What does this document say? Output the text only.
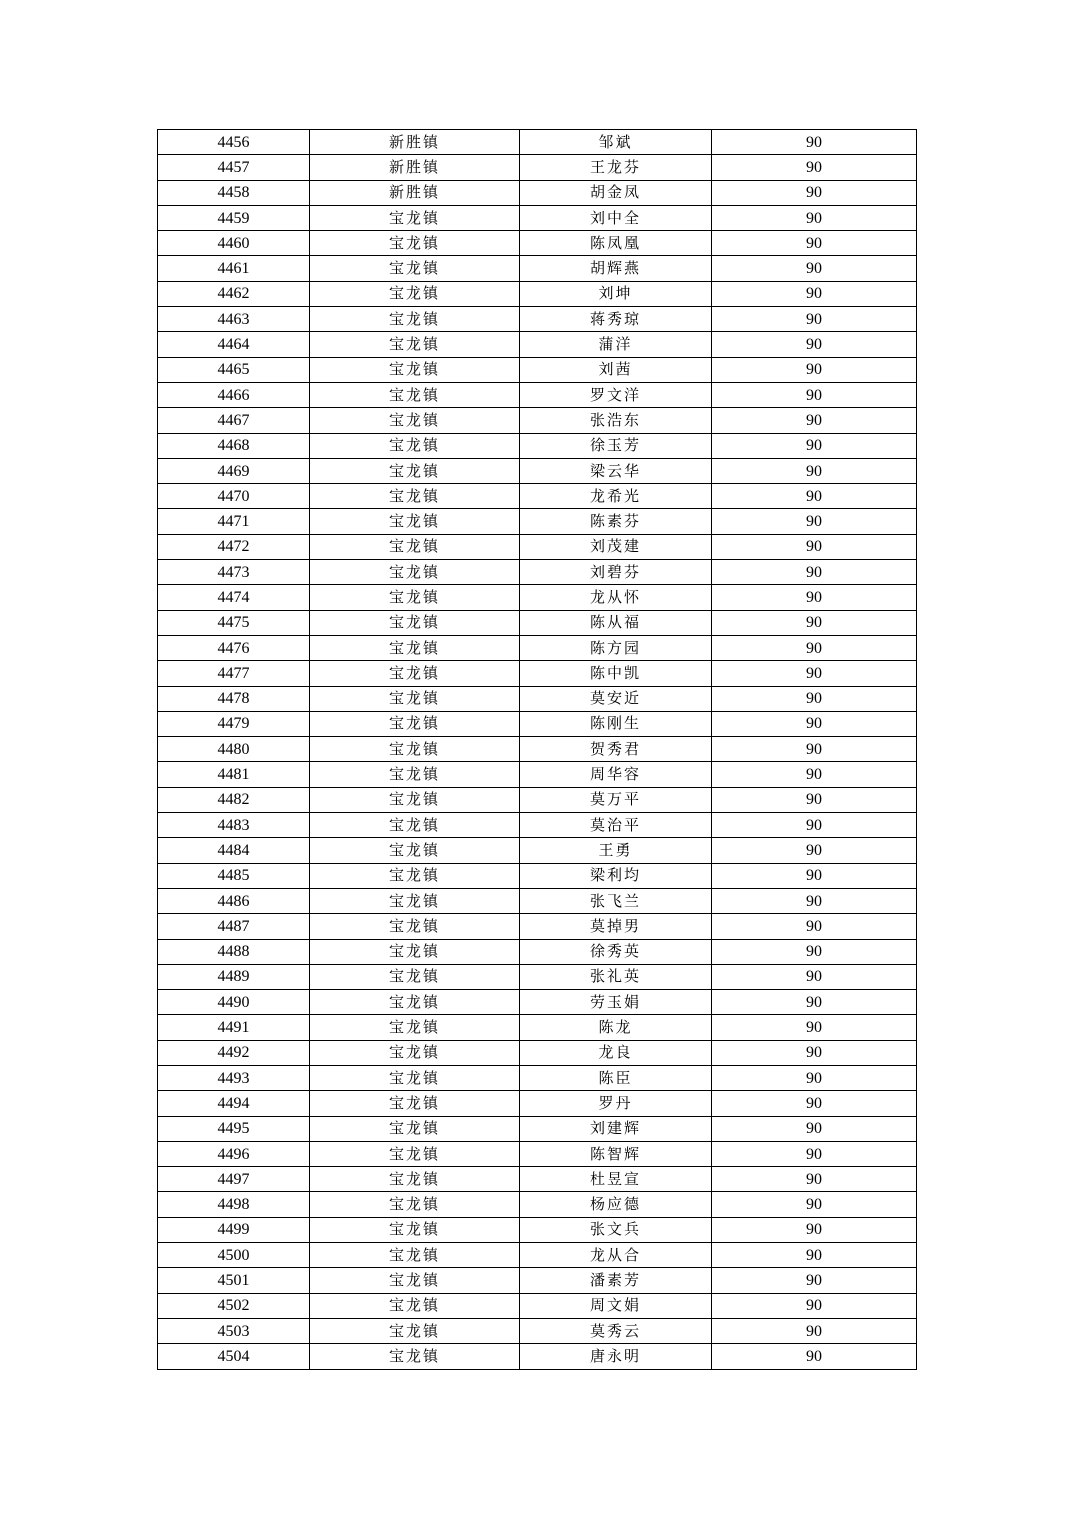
4456	新胜镇	邹斌	90
4457	新胜镇	王龙芬	90
4458	新胜镇	胡金凤	90
4459	宝龙镇	刘中全	90
4460	宝龙镇	陈凤凰	90
4461	宝龙镇	胡辉燕	90
4462	宝龙镇	刘坤	90
4463	宝龙镇	蒋秀琼	90
4464	宝龙镇	蒲洋	90
4465	宝龙镇	刘茜	90
4466	宝龙镇	罗文洋	90
4467	宝龙镇	张浩东	90
4468	宝龙镇	徐玉芳	90
4469	宝龙镇	梁云华	90
4470	宝龙镇	龙希光	90
4471	宝龙镇	陈素芬	90
4472	宝龙镇	刘茂建	90
4473	宝龙镇	刘碧芬	90
4474	宝龙镇	龙从怀	90
4475	宝龙镇	陈从福	90
4476	宝龙镇	陈方园	90
4477	宝龙镇	陈中凯	90
4478	宝龙镇	莫安近	90
4479	宝龙镇	陈刚生	90
4480	宝龙镇	贺秀君	90
4481	宝龙镇	周华容	90
4482	宝龙镇	莫万平	90
4483	宝龙镇	莫治平	90
4484	宝龙镇	王勇	90
4485	宝龙镇	梁利均	90
4486	宝龙镇	张飞兰	90
4487	宝龙镇	莫掉男	90
4488	宝龙镇	徐秀英	90
4489	宝龙镇	张礼英	90
4490	宝龙镇	劳玉娟	90
4491	宝龙镇	陈龙	90
4492	宝龙镇	龙良	90
4493	宝龙镇	陈臣	90
4494	宝龙镇	罗丹	90
4495	宝龙镇	刘建辉	90
4496	宝龙镇	陈智辉	90
4497	宝龙镇	杜昱宣	90
4498	宝龙镇	杨应德	90
4499	宝龙镇	张文兵	90
4500	宝龙镇	龙从合	90
4501	宝龙镇	潘素芳	90
4502	宝龙镇	周文娟	90
4503	宝龙镇	莫秀云	90
4504	宝龙镇	唐永明	90
